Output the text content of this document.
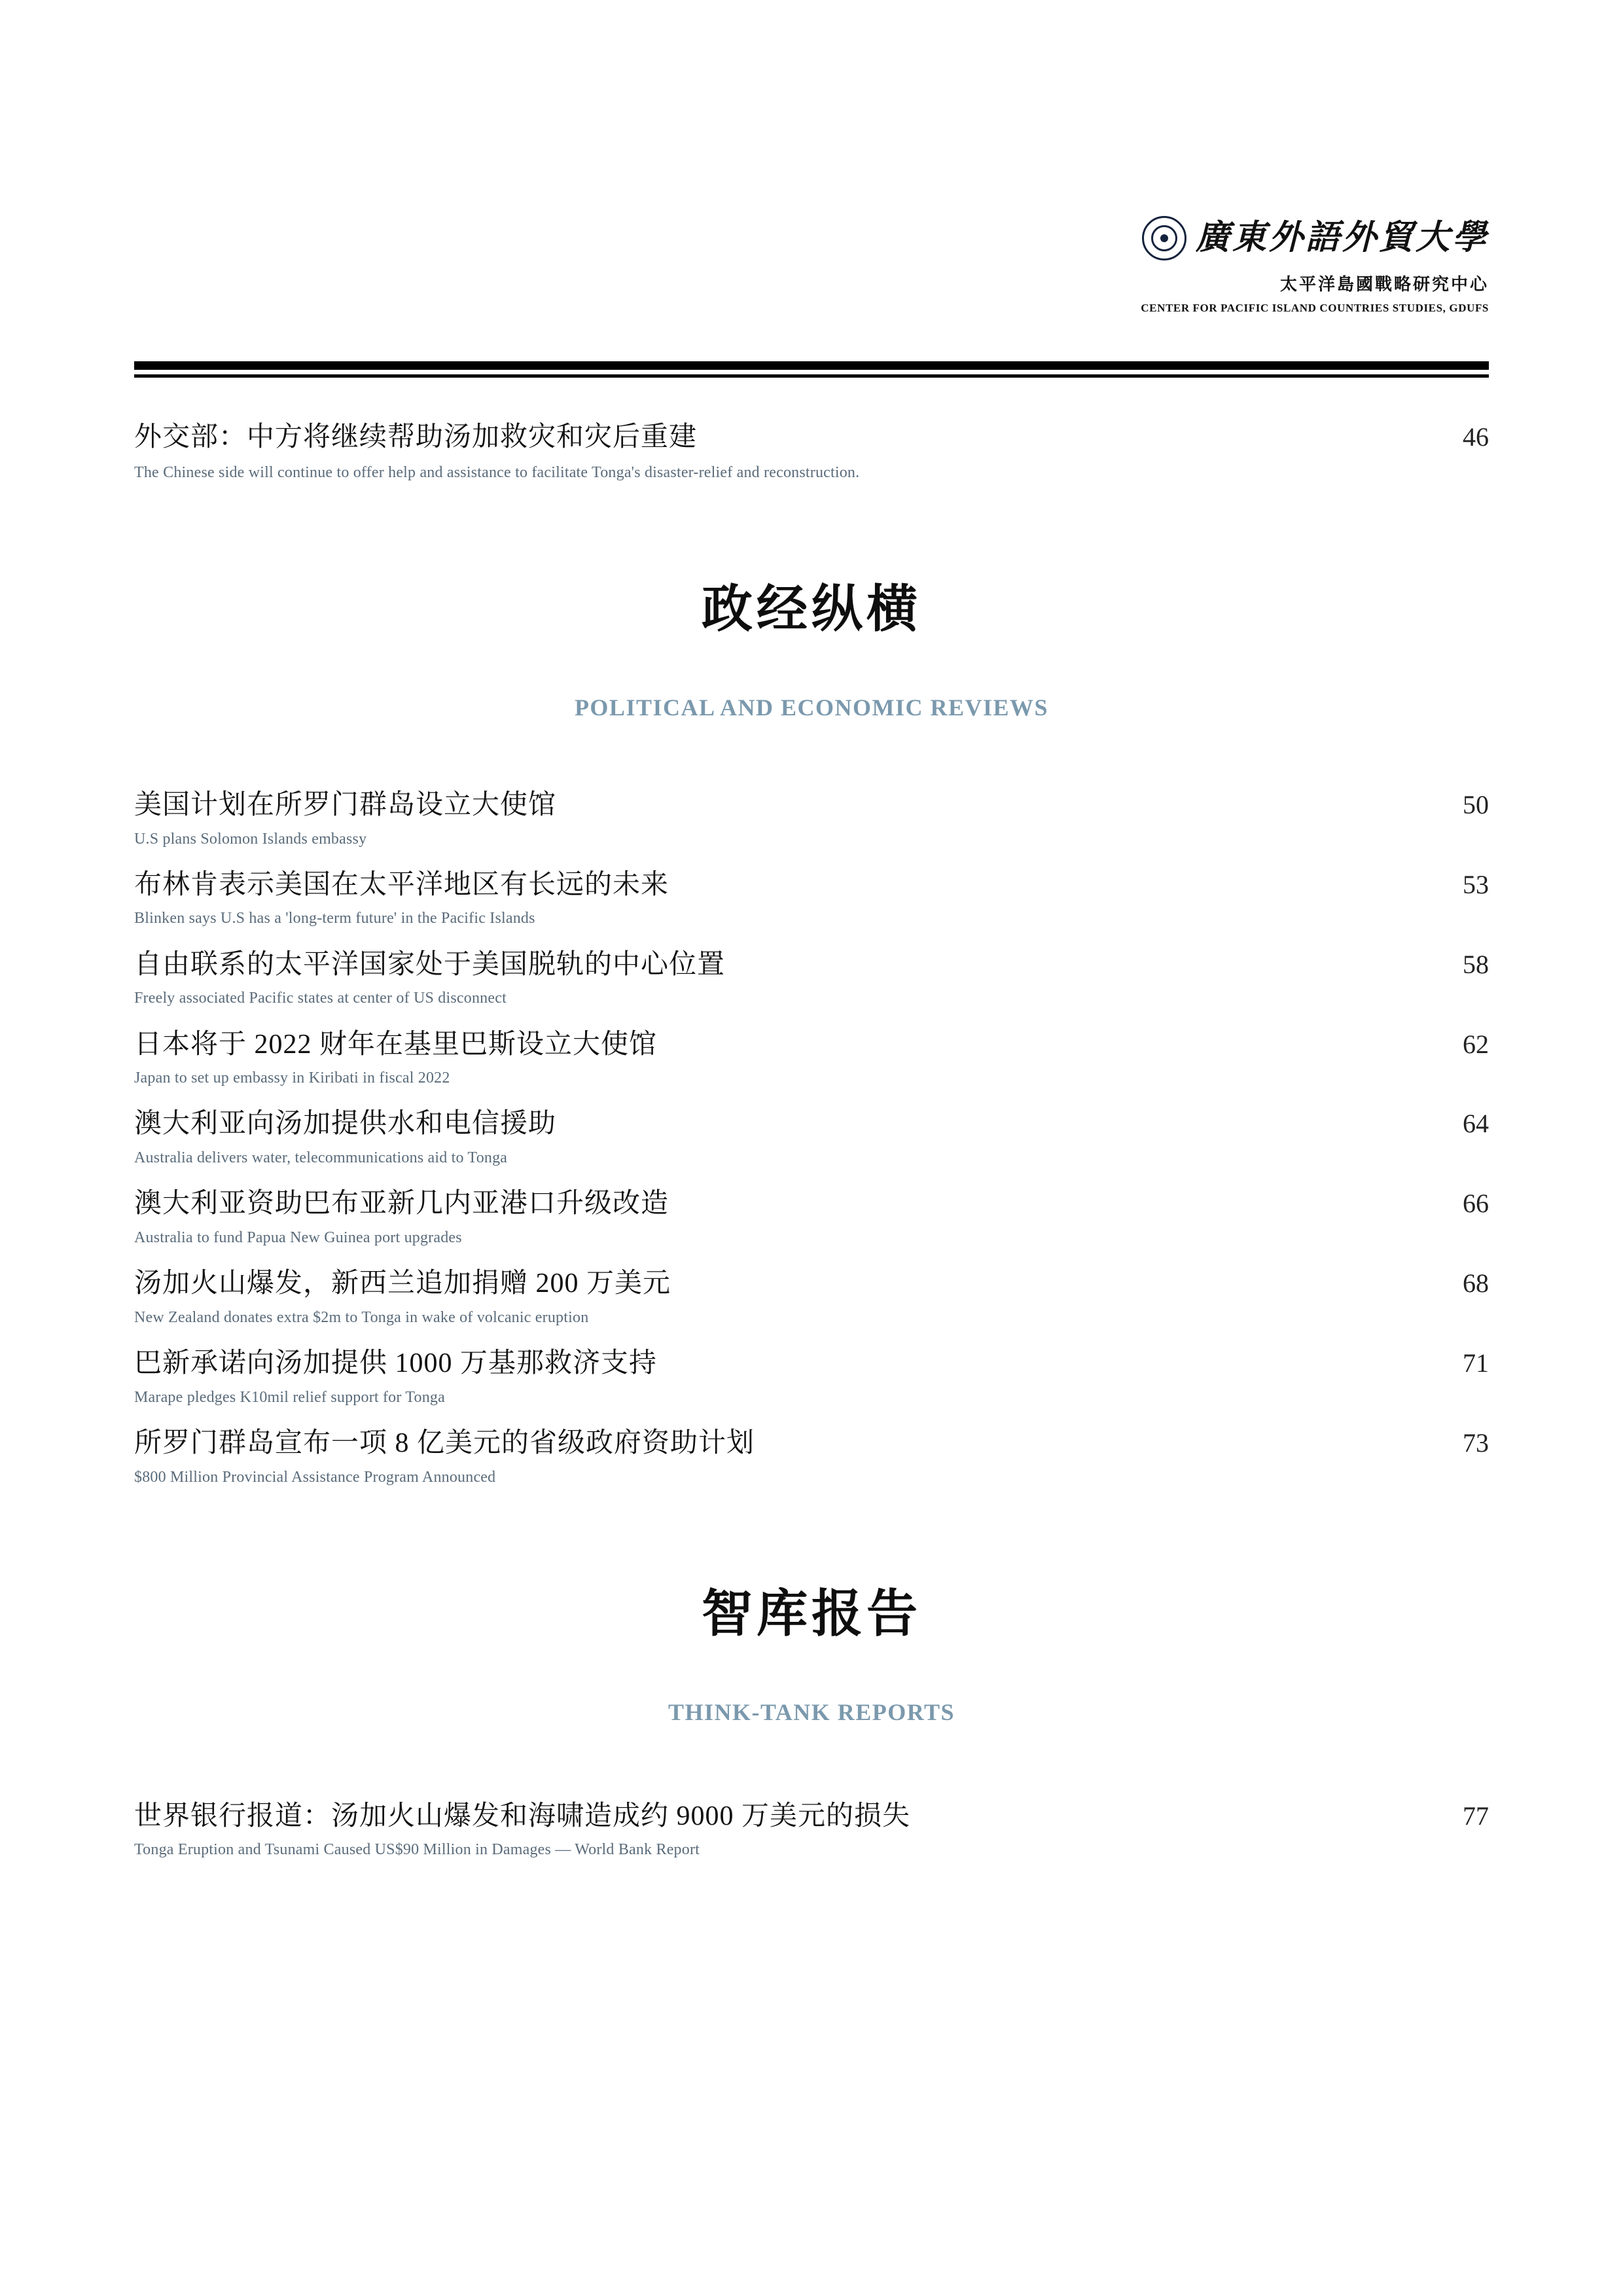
廣東外語外貿大學
太平洋島國戰略研究中心
CENTER FOR PACIFIC ISLAND COUNTRIES STUDIES, GDUFS
外交部：中方将继续帮助汤加救灾和灾后重建	46
The Chinese side will continue to offer help and assistance to facilitate Tonga's disaster-relief and reconstruction.
政经纵横
POLITICAL AND ECONOMIC REVIEWS
美国计划在所罗门群岛设立大使馆	50
U.S plans Solomon Islands embassy
布林肯表示美国在太平洋地区有长远的未来	53
Blinken says U.S has a 'long-term future' in the Pacific Islands
自由联系的太平洋国家处于美国脱轨的中心位置	58
Freely associated Pacific states at center of US disconnect
日本将于 2022 财年在基里巴斯设立大使馆	62
Japan to set up embassy in Kiribati in fiscal 2022
澳大利亚向汤加提供水和电信援助	64
Australia delivers water, telecommunications aid to Tonga
澳大利亚资助巴布亚新几内亚港口升级改造	66
Australia to fund Papua New Guinea port upgrades
汤加火山爆发，新西兰追加捐赠 200 万美元	68
New Zealand donates extra $2m to Tonga in wake of volcanic eruption
巴新承诺向汤加提供 1000 万基那救济支持	71
Marape pledges K10mil relief support for Tonga
所罗门群岛宣布一项 8 亿美元的省级政府资助计划	73
$800 Million Provincial Assistance Program Announced
智库报告
THINK-TANK REPORTS
世界银行报道：汤加火山爆发和海啸造成约 9000 万美元的损失	77
Tonga Eruption and Tsunami Caused US$90 Million in Damages — World Bank Report
